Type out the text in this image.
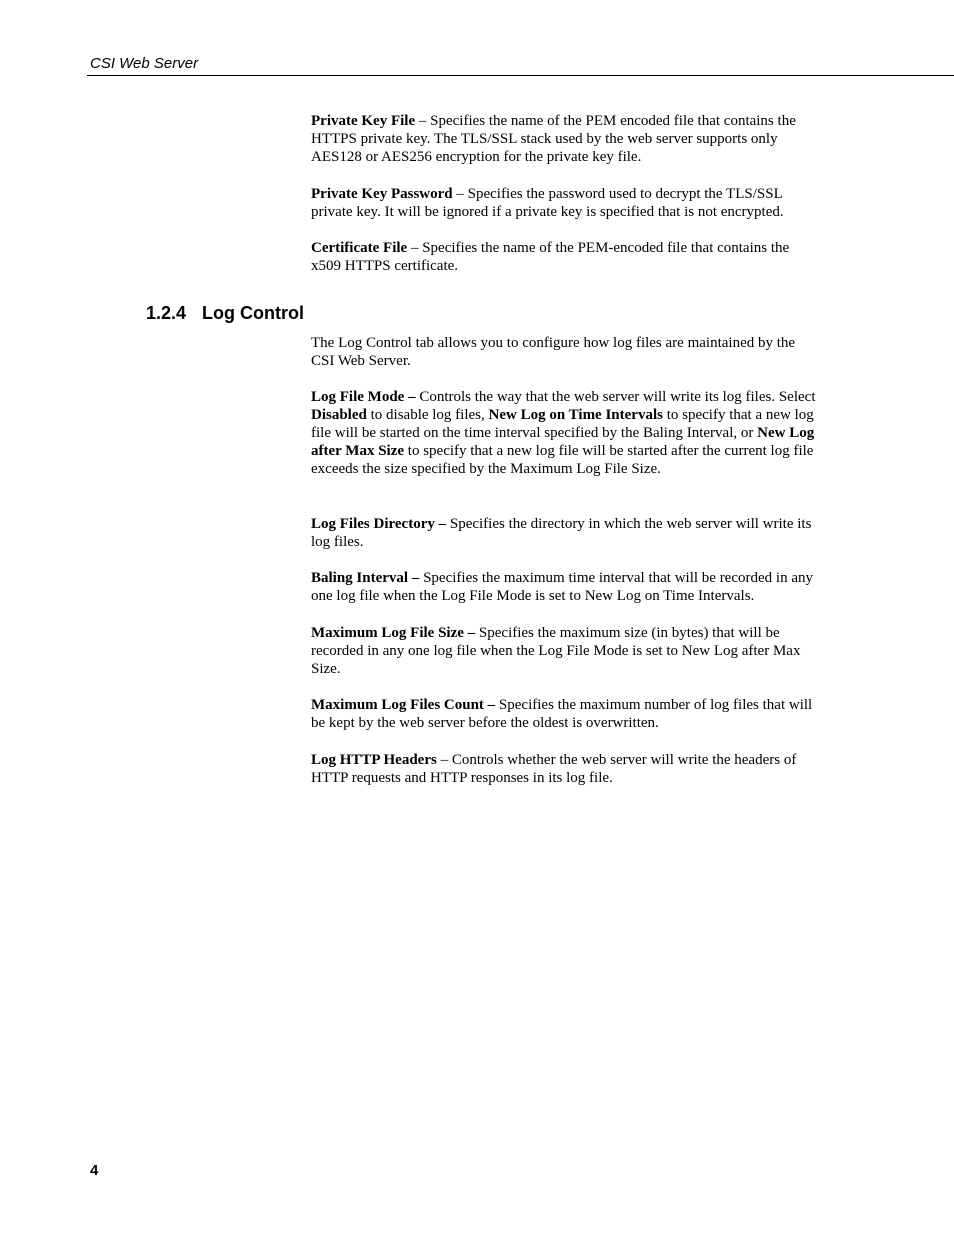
CSI Web Server

Private Key File – Specifies the name of the PEM encoded file that contains the HTTPS private key. The TLS/SSL stack used by the web server supports only AES128 or AES256 encryption for the private key file.

Private Key Password – Specifies the password used to decrypt the TLS/SSL private key. It will be ignored if a private key is specified that is not encrypted.

Certificate File – Specifies the name of the PEM-encoded file that contains the x509 HTTPS certificate.

1.2.4 Log Control

The Log Control tab allows you to configure how log files are maintained by the CSI Web Server.

Log File Mode – Controls the way that the web server will write its log files. Select Disabled to disable log files, New Log on Time Intervals to specify that a new log file will be started on the time interval specified by the Baling Interval, or New Log after Max Size to specify that a new log file will be started after the current log file exceeds the size specified by the Maximum Log File Size.

Log Files Directory – Specifies the directory in which the web server will write its log files.

Baling Interval – Specifies the maximum time interval that will be recorded in any one log file when the Log File Mode is set to New Log on Time Intervals.

Maximum Log File Size – Specifies the maximum size (in bytes) that will be recorded in any one log file when the Log File Mode is set to New Log after Max Size.

Maximum Log Files Count – Specifies the maximum number of log files that will be kept by the web server before the oldest is overwritten.

Log HTTP Headers – Controls whether the web server will write the headers of HTTP requests and HTTP responses in its log file.

4
